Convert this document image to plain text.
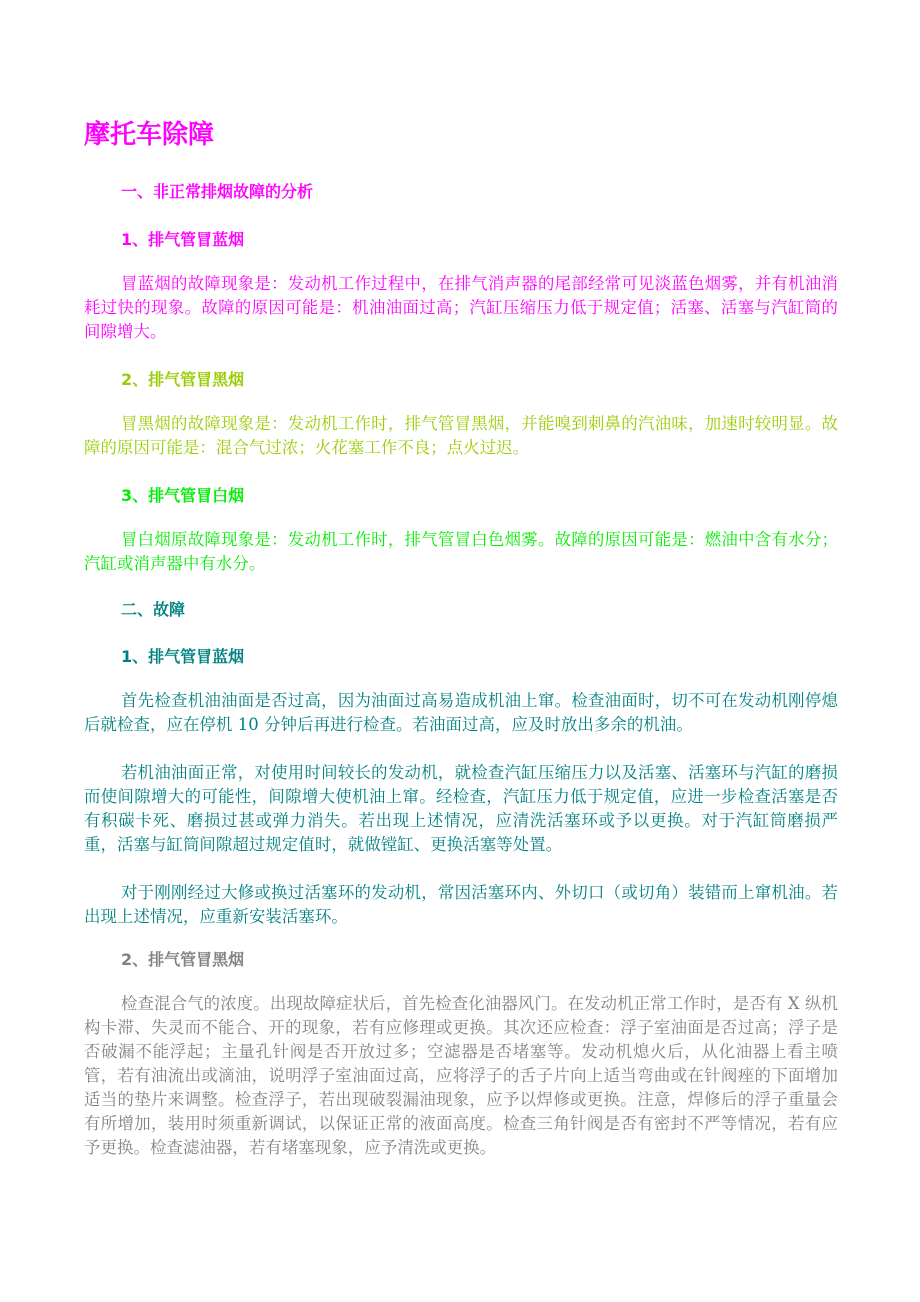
摩托车除障
一、非正常排烟故障的分析
1、排气管冒蓝烟

冒蓝烟的故障现象是：发动机工作过程中，在排气消声器的尾部经常可见淡蓝色烟雾，并有机油消耗过快的现象。故障的原因可能是：机油油面过高；汽缸压缩压力低于规定值；活塞、活塞与汽缸筒的间隙增大。

2、排气管冒黑烟

冒黑烟的故障现象是：发动机工作时，排气管冒黑烟，并能嗅到刺鼻的汽油味，加速时较明显。故障的原因可能是：混合气过浓；火花塞工作不良；点火过迟。

3、排气管冒白烟

冒白烟原故障现象是：发动机工作时，排气管冒白色烟雾。故障的原因可能是：燃油中含有水分；汽缸或消声器中有水分。

二、故障
1、排气管冒蓝烟

首先检查机油油面是否过高，因为油面过高易造成机油上窜。检查油面时，切不可在发动机刚停熄后就检查，应在停机 10 分钟后再进行检查。若油面过高，应及时放出多余的机油。

若机油油面正常，对使用时间较长的发动机，就检查汽缸压缩压力以及活塞、活塞环与汽缸的磨损而使间隙增大的可能性，间隙增大使机油上窜。经检查，汽缸压力低于规定值，应进一步检查活塞是否有积碳卡死、磨损过甚或弹力消失。若出现上述情况，应清洗活塞环或予以更换。对于汽缸筒磨损严重，活塞与缸筒间隙超过规定值时，就做镗缸、更换活塞等处置。

对于刚刚经过大修或换过活塞环的发动机，常因活塞环内、外切口（或切角）装错而上窜机油。若出现上述情况，应重新安装活塞环。

2、排气管冒黑烟

检查混合气的浓度。出现故障症状后，首先检查化油器风门。在发动机正常工作时，是否有 X 纵机构卡滞、失灵而不能合、开的现象，若有应修理或更换。其次还应检查：浮子室油面是否过高；浮子是否破漏不能浮起；主量孔针阀是否开放过多；空滤器是否堵塞等。发动机熄火后，从化油器上看主喷管，若有油流出或滴油，说明浮子室油面过高，应将浮子的舌子片向上适当弯曲或在针阀痤的下面增加适当的垫片来调整。检查浮子，若出现破裂漏油现象，应予以焊修或更换。注意，焊修后的浮子重量会有所增加，装用时须重新调试，以保证正常的液面高度。检查三角针阀是否有密封不严等情况，若有应予更换。检查滤油器，若有堵塞现象，应予清洗或更换。
